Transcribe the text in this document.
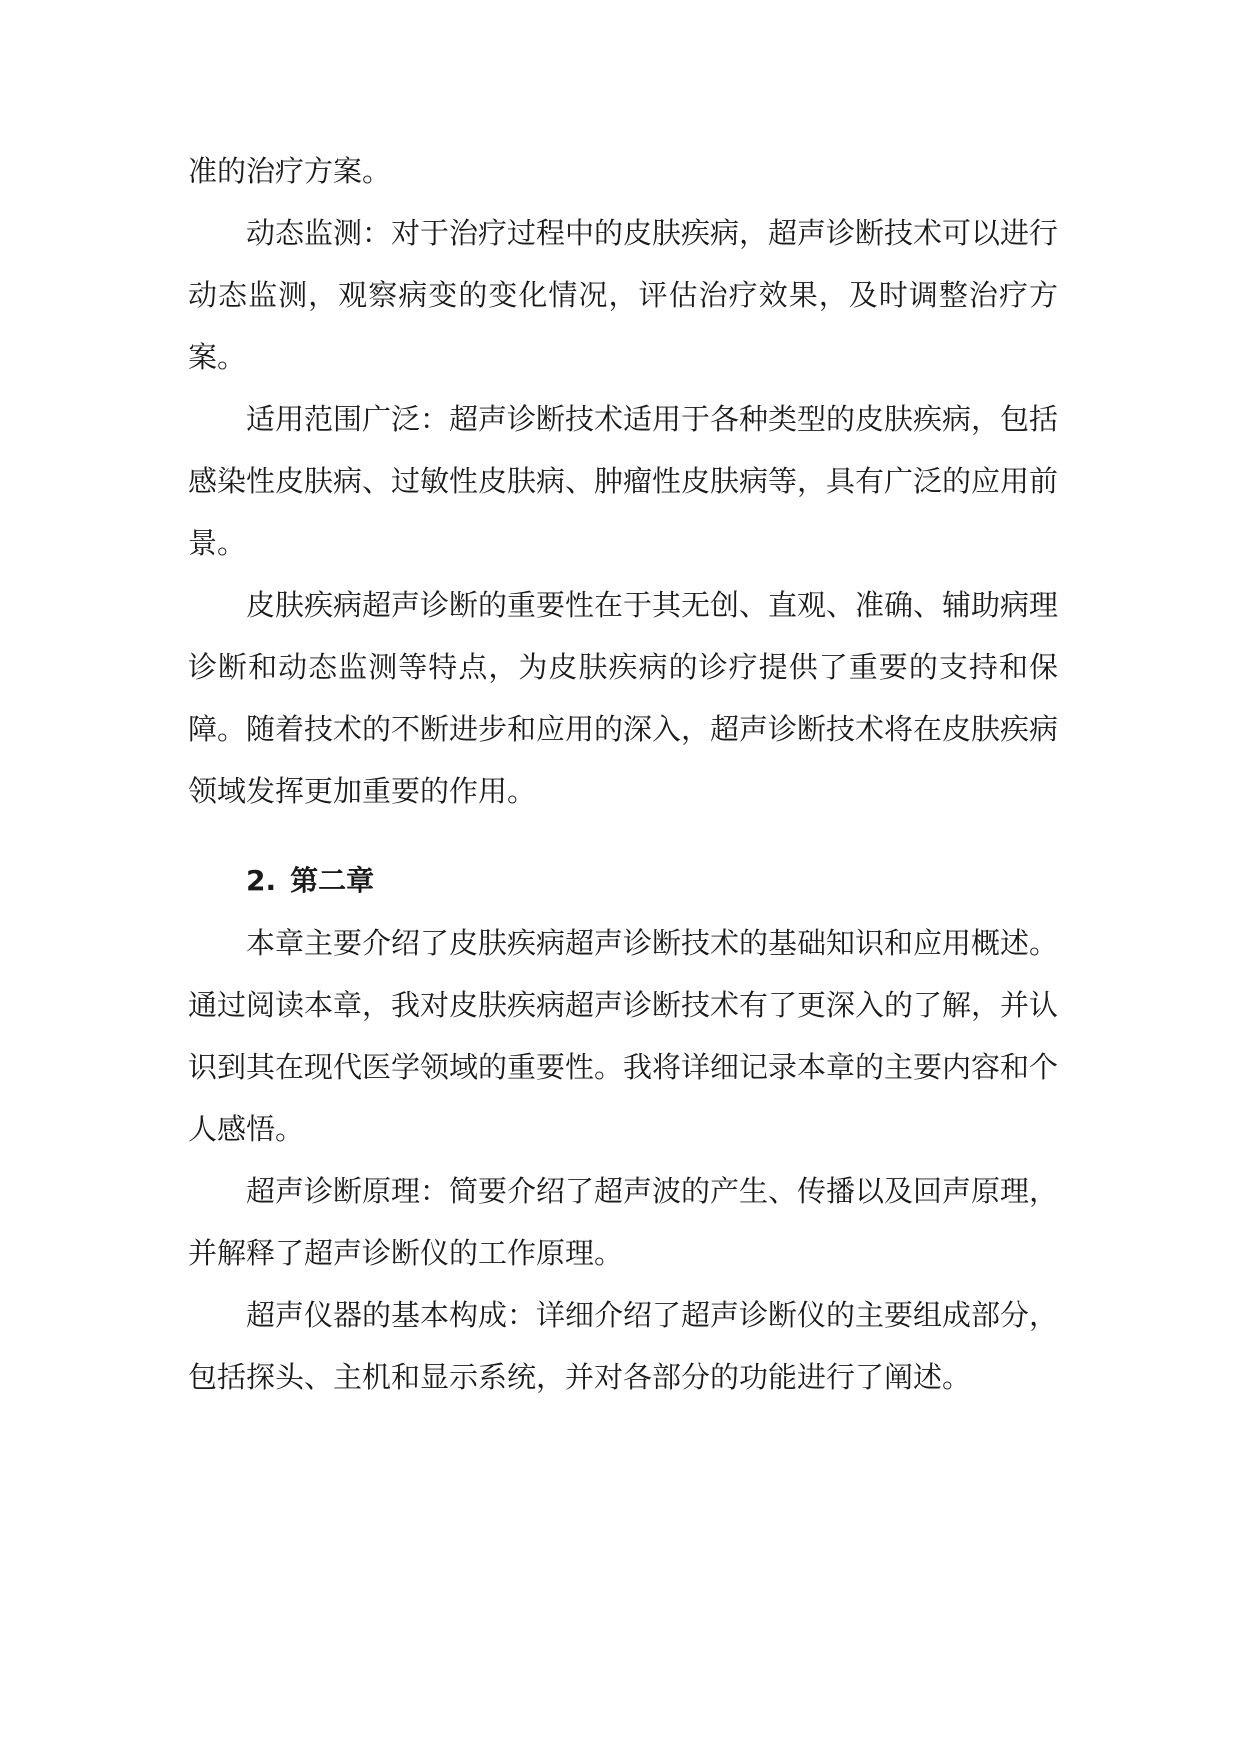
准的治疗方案。

动态监测：对于治疗过程中的皮肤疾病，超声诊断技术可以进行动态监测，观察病变的变化情况，评估治疗效果，及时调整治疗方案。

适用范围广泛：超声诊断技术适用于各种类型的皮肤疾病，包括感染性皮肤病、过敏性皮肤病、肿瘤性皮肤病等，具有广泛的应用前景。

皮肤疾病超声诊断的重要性在于其无创、直观、准确、辅助病理诊断和动态监测等特点，为皮肤疾病的诊疗提供了重要的支持和保障。随着技术的不断进步和应用的深入，超声诊断技术将在皮肤疾病领域发挥更加重要的作用。

2. 第二章

本章主要介绍了皮肤疾病超声诊断技术的基础知识和应用概述。通过阅读本章，我对皮肤疾病超声诊断技术有了更深入的了解，并认识到其在现代医学领域的重要性。我将详细记录本章的主要内容和个人感悟。

超声诊断原理：简要介绍了超声波的产生、传播以及回声原理，并解释了超声诊断仪的工作原理。

超声仪器的基本构成：详细介绍了超声诊断仪的主要组成部分，包括探头、主机和显示系统，并对各部分的功能进行了阐述。
